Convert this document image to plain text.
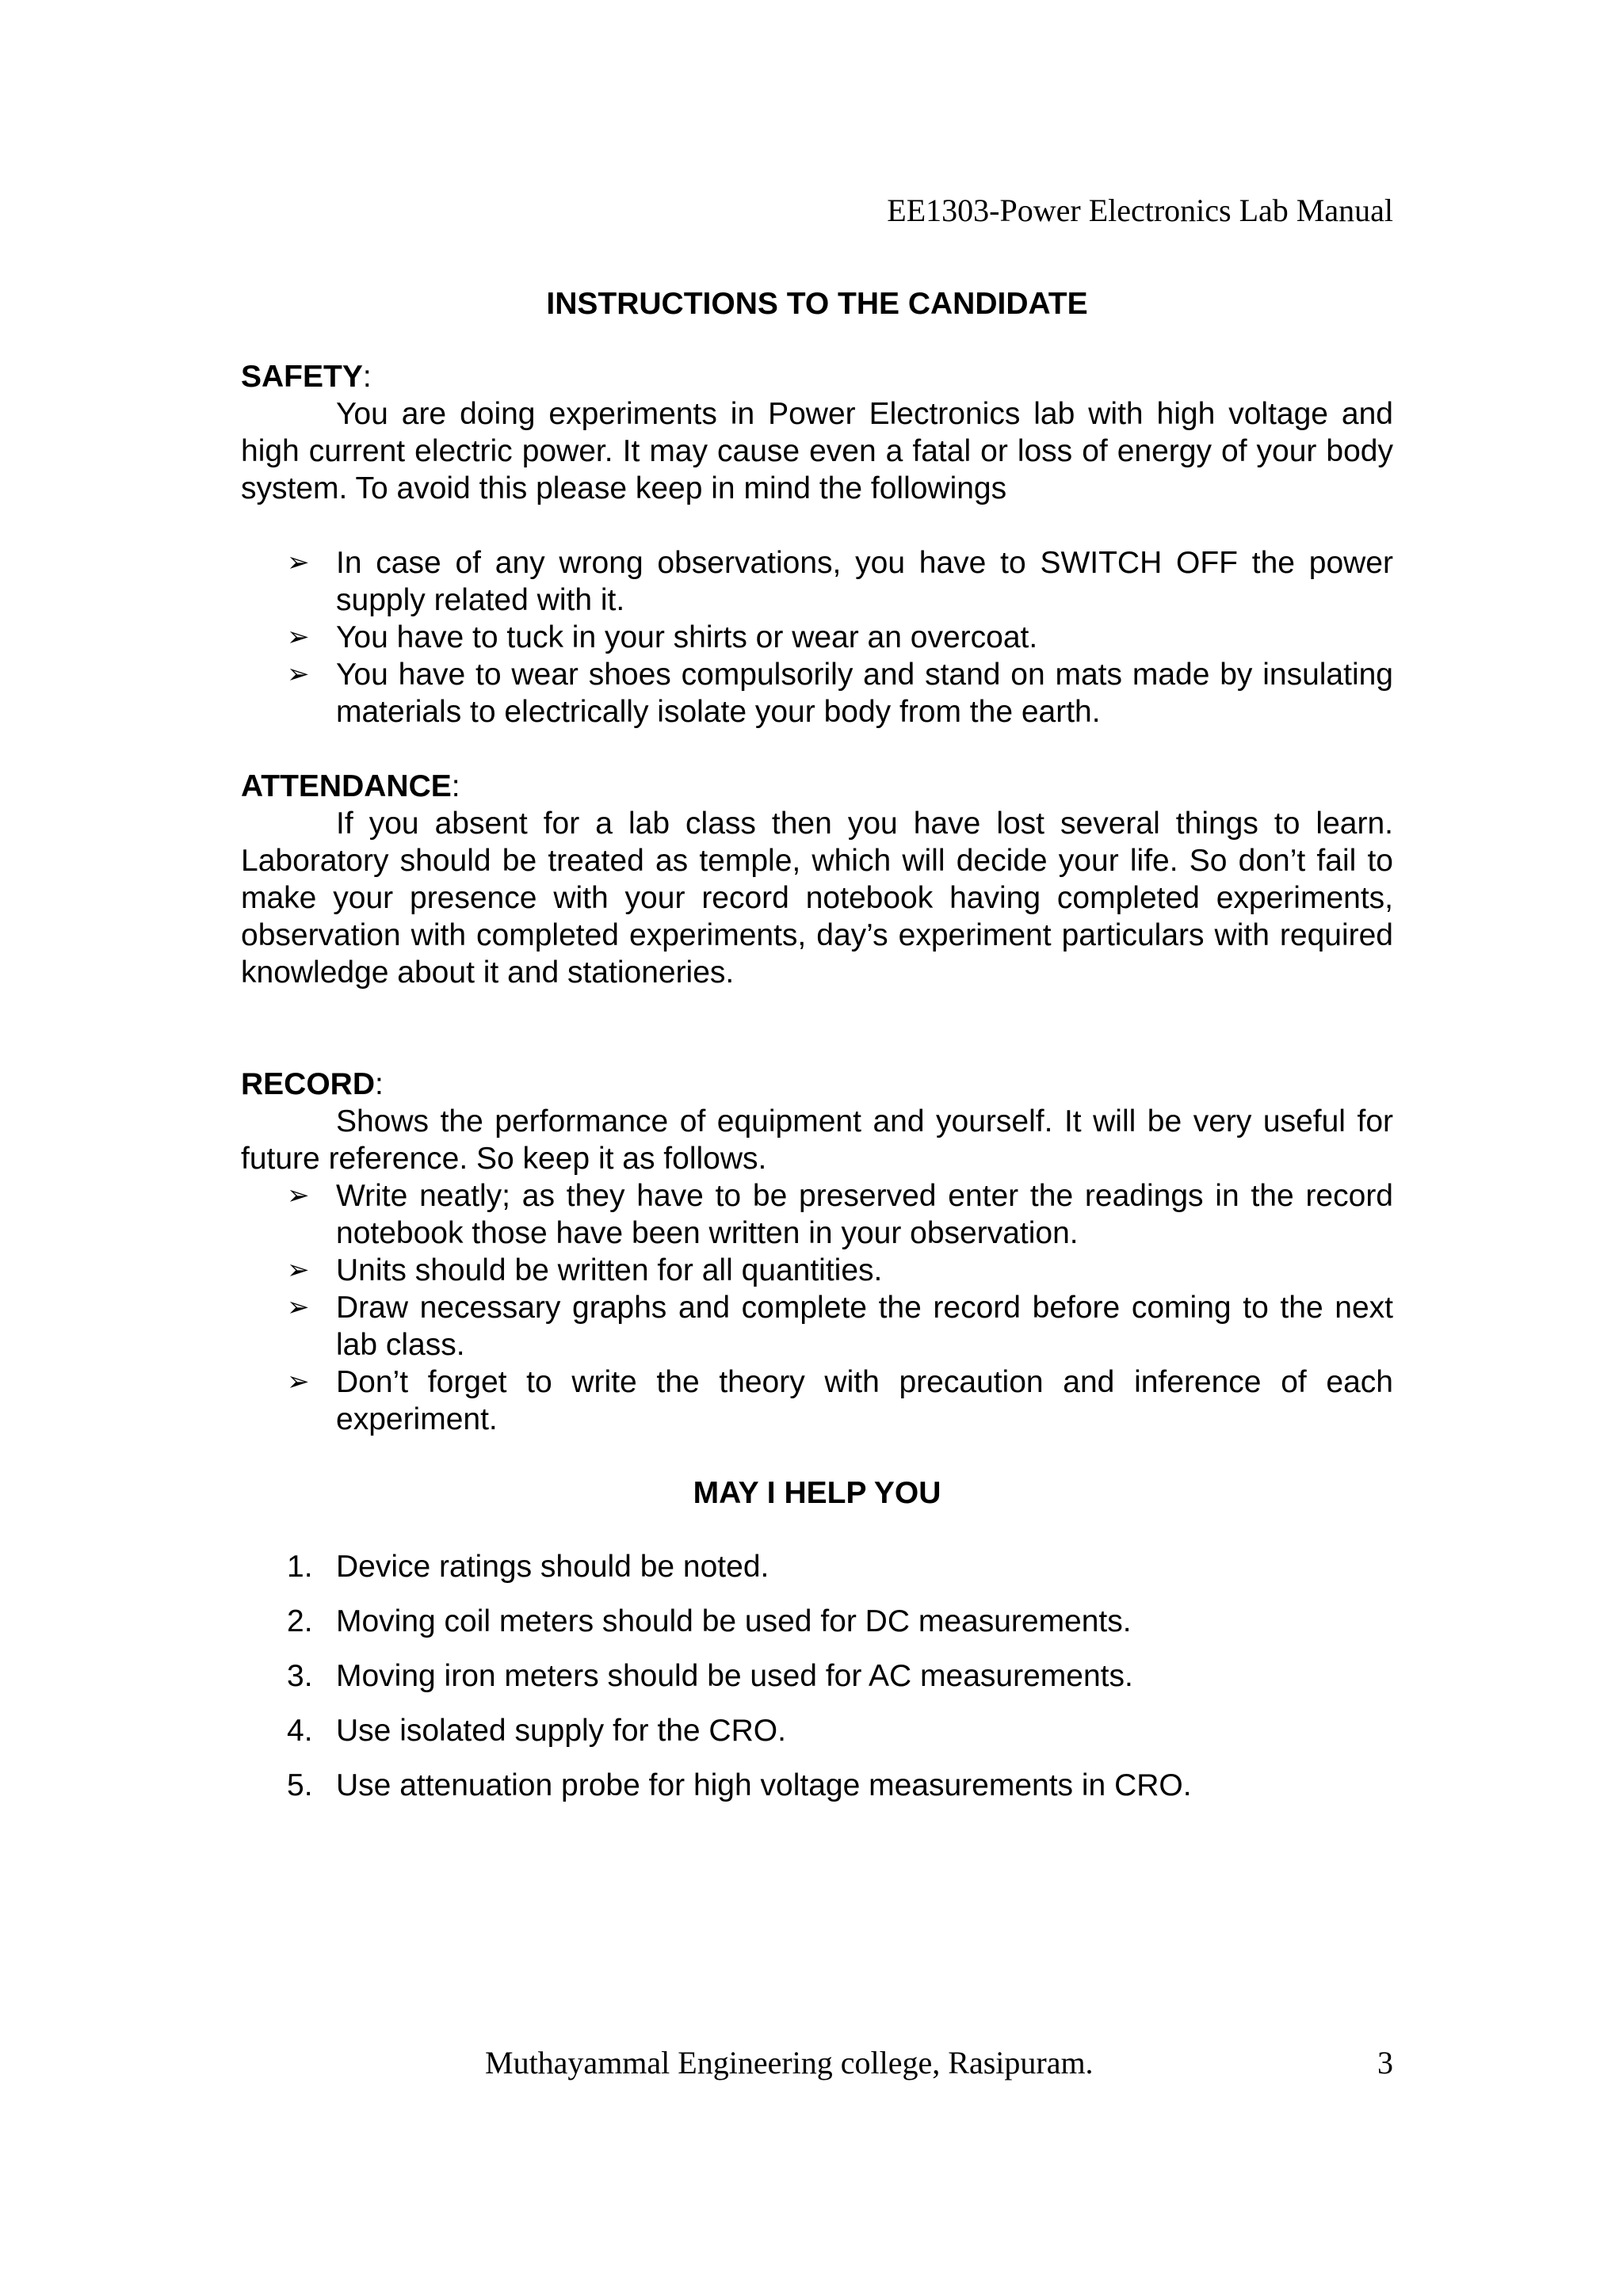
EE1303-Power Electronics Lab Manual

INSTRUCTIONS TO THE CANDIDATE

SAFETY:

You are doing experiments in Power Electronics lab with high voltage and high current electric power. It may cause even a fatal or loss of energy of your body system. To avoid this please keep in mind the followings

➢ In case of any wrong observations, you have to SWITCH OFF the power supply related with it.
➢ You have to tuck in your shirts or wear an overcoat.
➢ You have to wear shoes compulsorily and stand on mats made by insulating materials to electrically isolate your body from the earth.

ATTENDANCE:

If you absent for a lab class then you have lost several things to learn. Laboratory should be treated as temple, which will decide your life. So don’t fail to make your presence with your record notebook having completed experiments, observation with completed experiments, day’s experiment particulars with required knowledge about it and stationeries.

RECORD:

Shows the performance of equipment and yourself. It will be very useful for future reference. So keep it as follows.

➢ Write neatly; as they have to be preserved enter the readings in the record notebook those have been written in your observation.
➢ Units should be written for all quantities.
➢ Draw necessary graphs and complete the record before coming to the next lab class.
➢ Don’t forget to write the theory with precaution and inference of each experiment.

MAY I HELP YOU

1. Device ratings should be noted.
2. Moving coil meters should be used for DC measurements.
3. Moving iron meters should be used for AC measurements.
4. Use isolated supply for the CRO.
5. Use attenuation probe for high voltage measurements in CRO.
Muthayammal Engineering college, Rasipuram.	3
